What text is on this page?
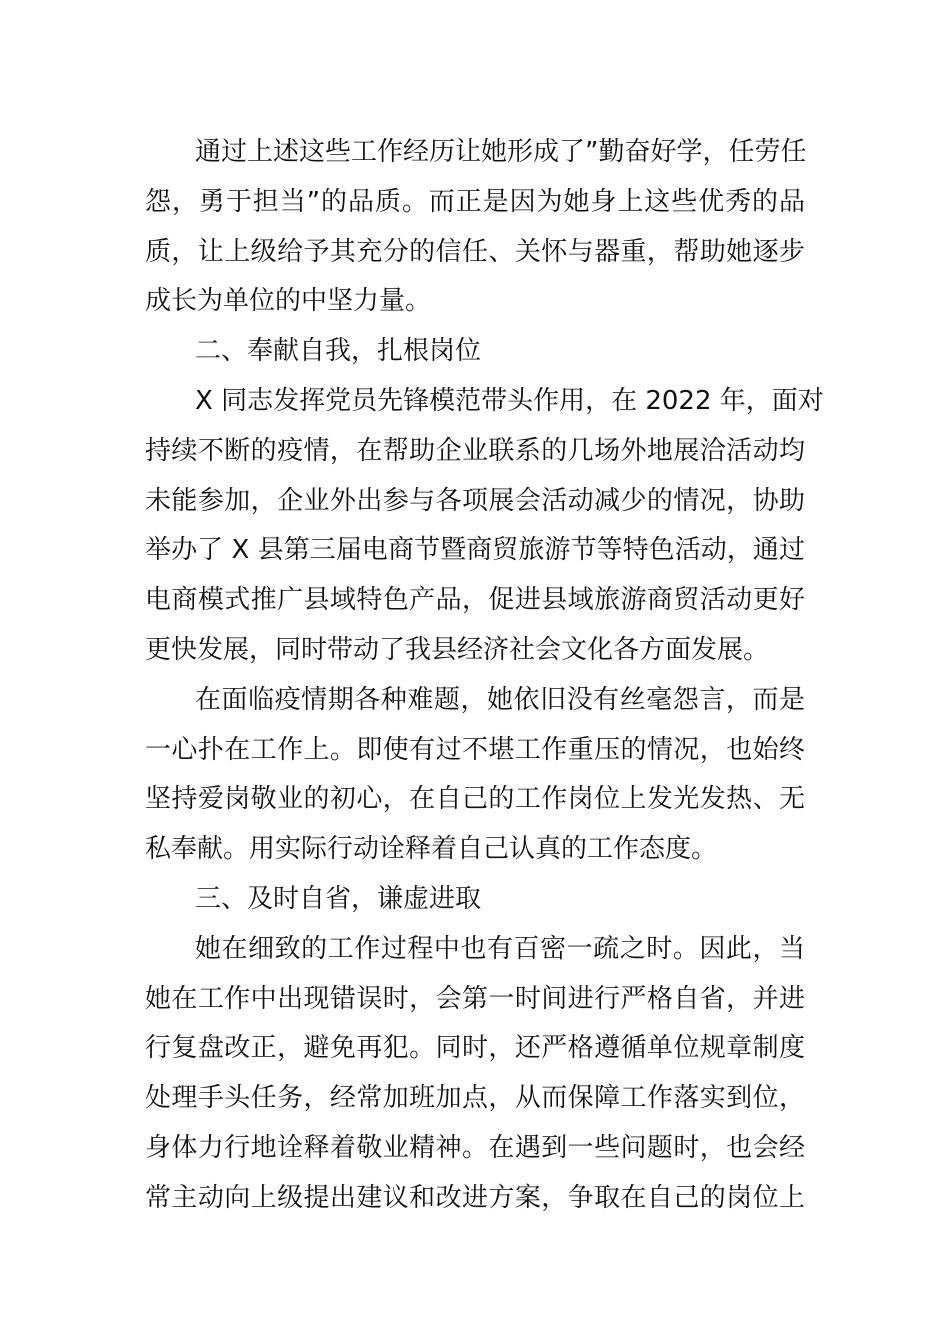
通过上述这些工作经历让她形成了”勤奋好学，任劳任
怨，勇于担当”的品质。而正是因为她身上这些优秀的品
质，让上级给予其充分的信任、关怀与器重，帮助她逐步
成长为单位的中坚力量。
二、奉献自我，扎根岗位
X 同志发挥党员先锋模范带头作用，在 2022 年，面对
持续不断的疫情，在帮助企业联系的几场外地展洽活动均
未能参加，企业外出参与各项展会活动减少的情况，协助
举办了 X 县第三届电商节暨商贸旅游节等特色活动，通过
电商模式推广县域特色产品，促进县域旅游商贸活动更好
更快发展，同时带动了我县经济社会文化各方面发展。
在面临疫情期各种难题，她依旧没有丝毫怨言，而是
一心扑在工作上。即使有过不堪工作重压的情况，也始终
坚持爱岗敬业的初心，在自己的工作岗位上发光发热、无
私奉献。用实际行动诠释着自己认真的工作态度。
三、及时自省，谦虚进取
她在细致的工作过程中也有百密一疏之时。因此，当
她在工作中出现错误时，会第一时间进行严格自省，并进
行复盘改正，避免再犯。同时，还严格遵循单位规章制度
处理手头任务，经常加班加点，从而保障工作落实到位，
身体力行地诠释着敬业精神。在遇到一些问题时，也会经
常主动向上级提出建议和改进方案，争取在自己的岗位上
